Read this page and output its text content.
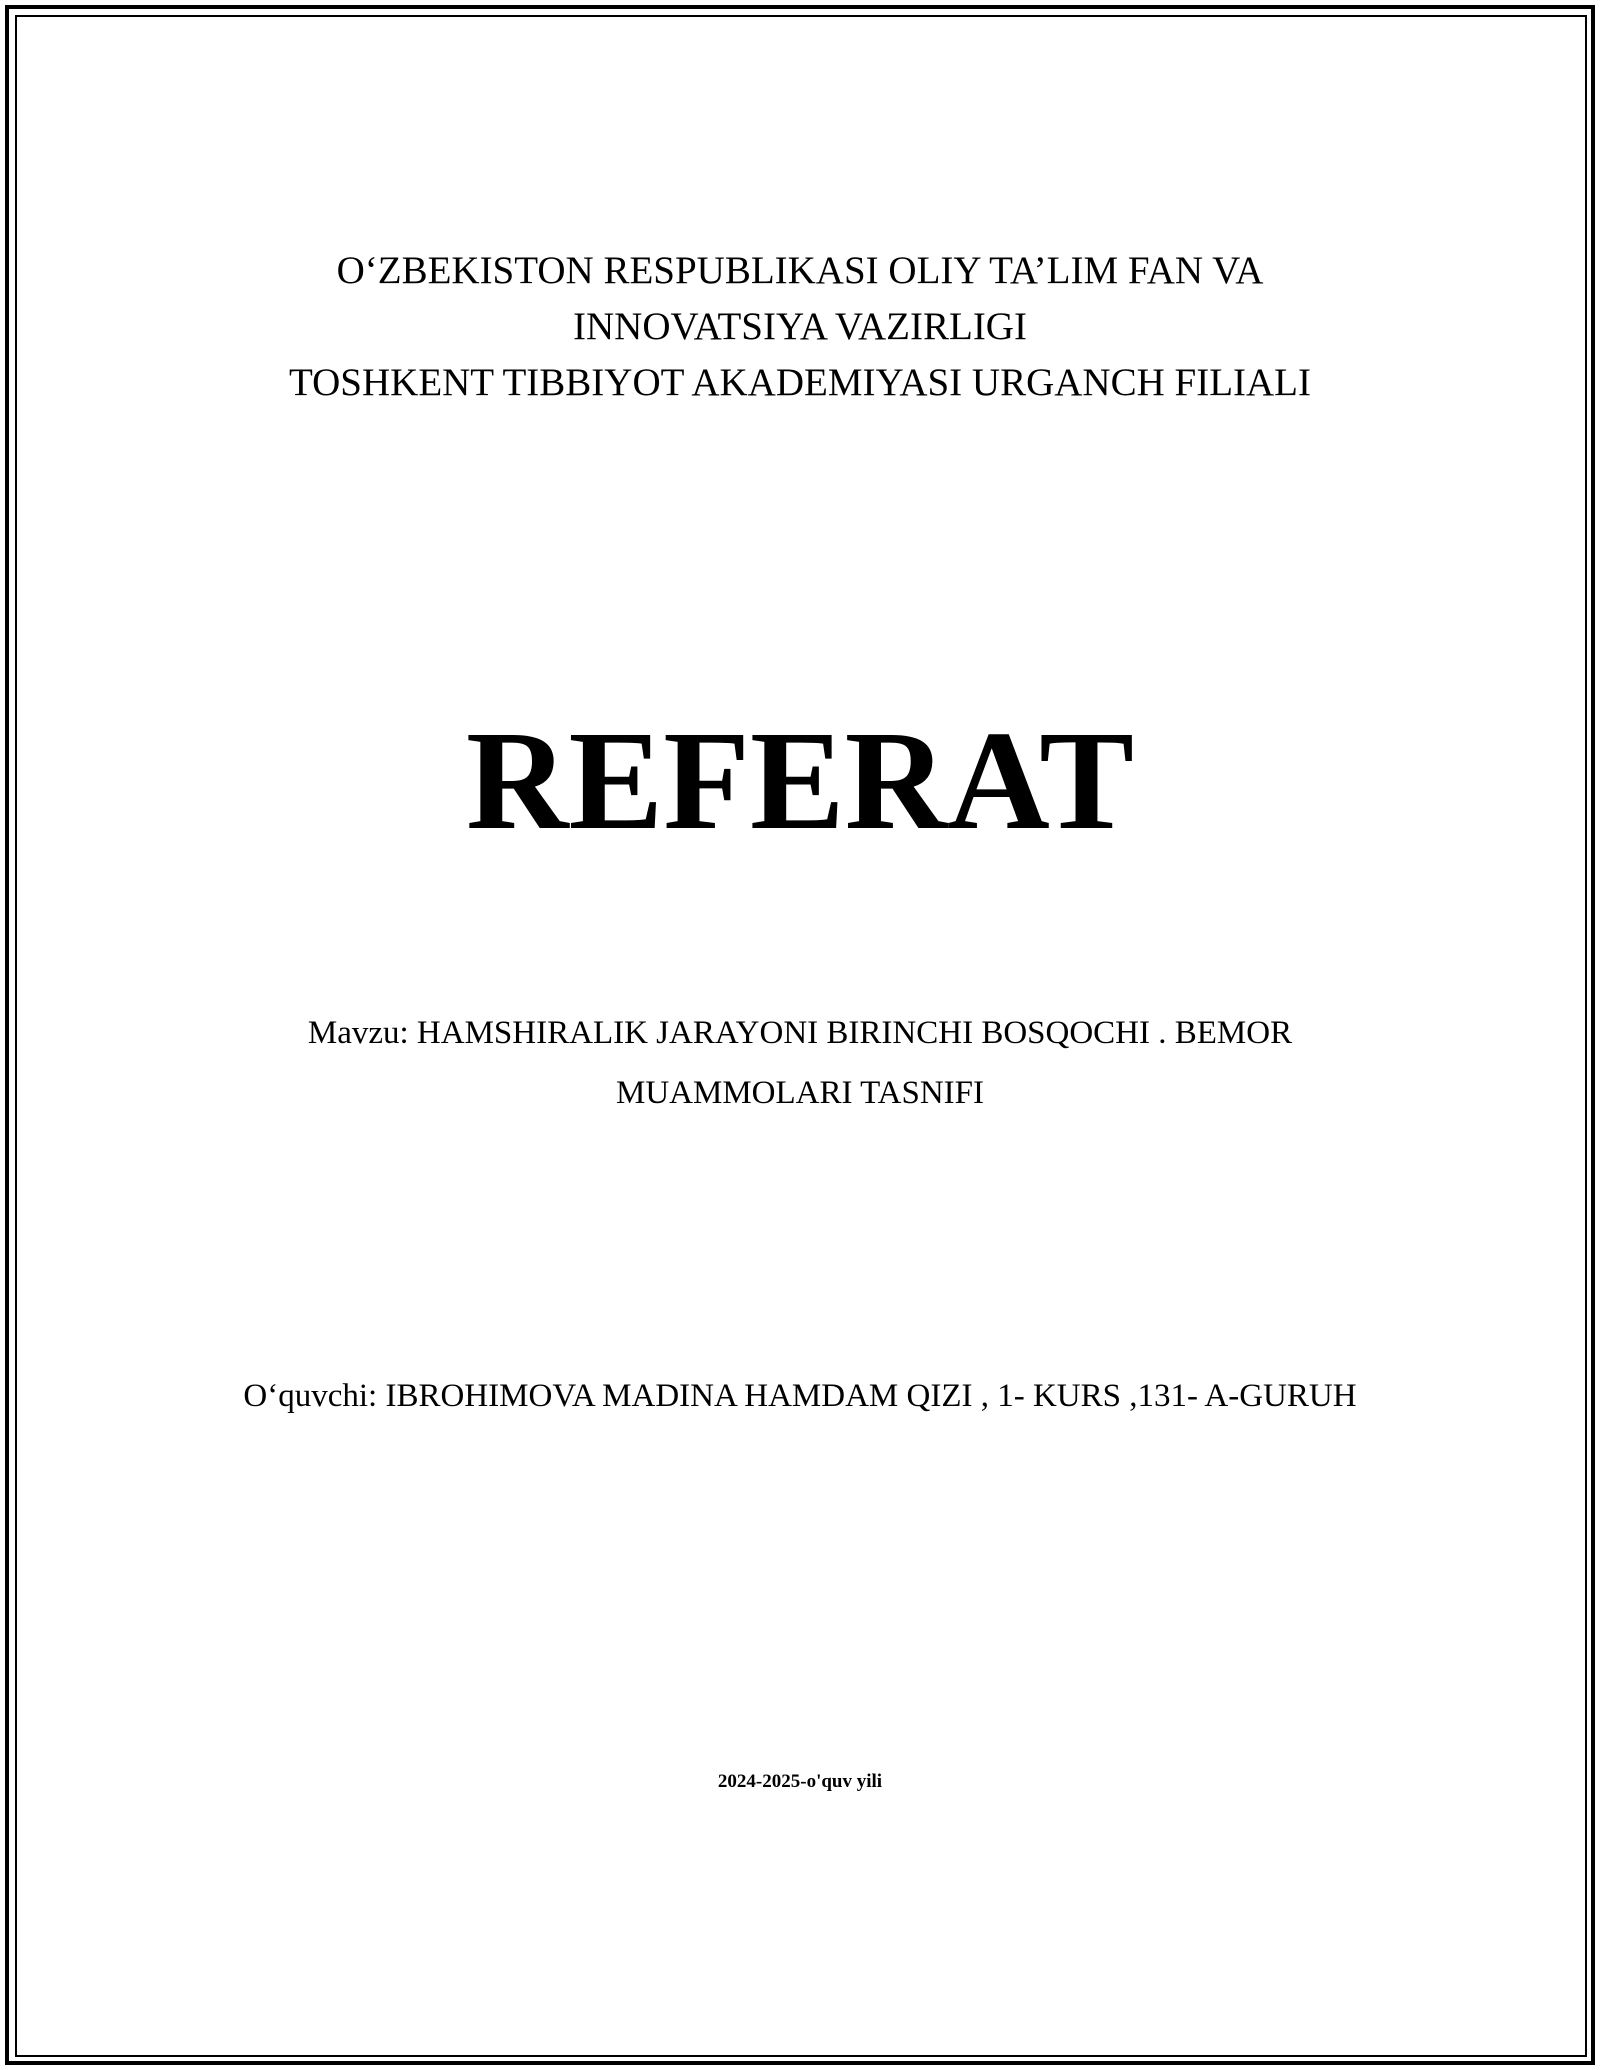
O‘ZBEKISTON RESPUBLIKASI OLIY TA’LIM FAN VA

INNOVATSIYA VAZIRLIGI

TOSHKENT TIBBIYOT AKADEMIYASI URGANCH FILIALI

REFERAT

Mavzu: HAMSHIRALIK JARAYONI BIRINCHI BOSQOCHI . BEMOR MUAMMOLARI TASNIFI

O‘quvchi: IBROHIMOVA MADINA HAMDAM QIZI , 1- KURS ,131- A-GURUH

2024-2025-o'quv yili
